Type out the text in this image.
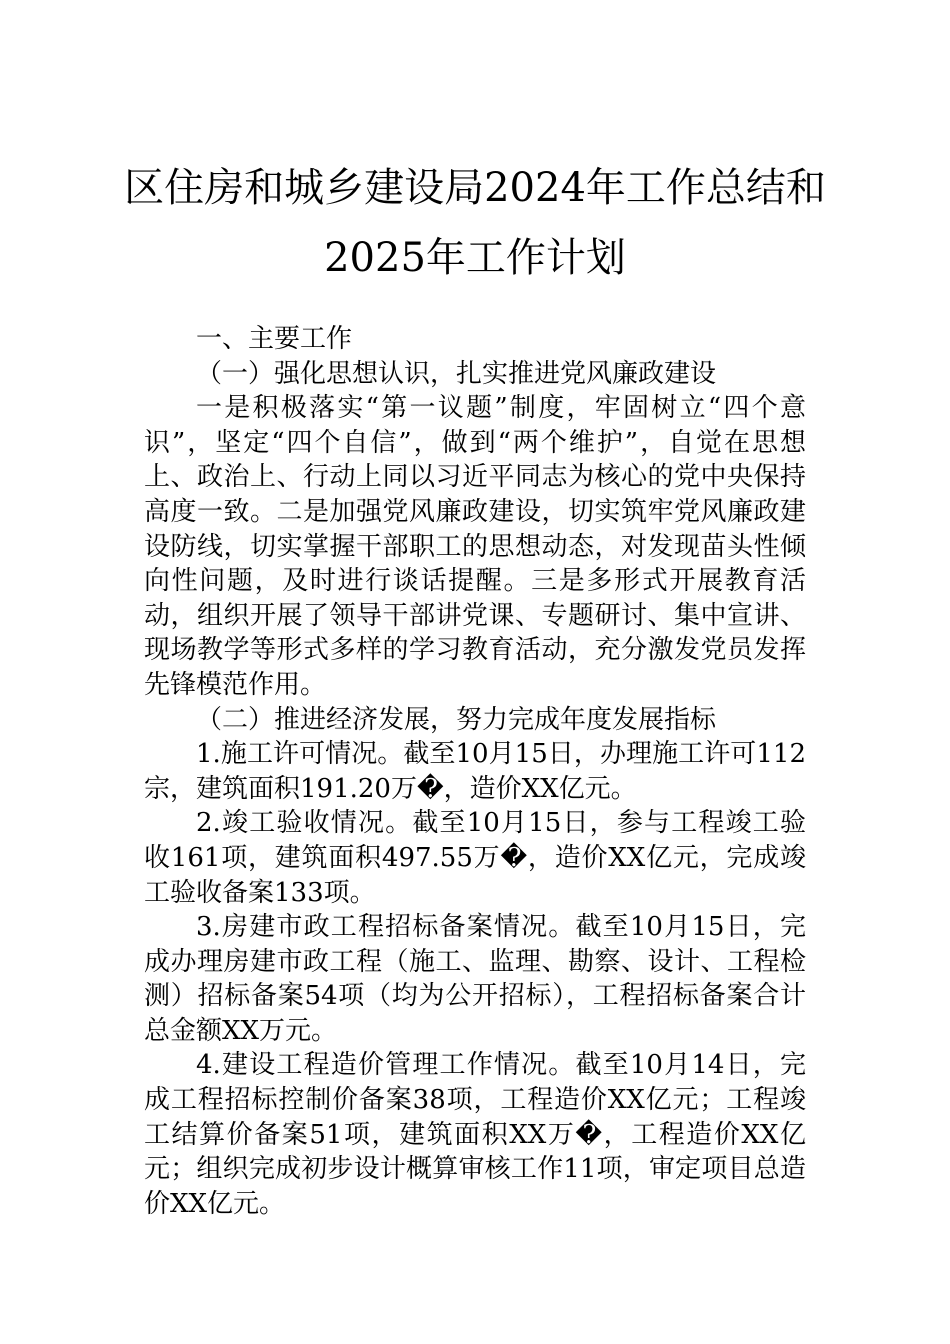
区住房和城乡建设局2024年工作总结和
2025年工作计划

一、主要工作

（一）强化思想认识，扎实推进党风廉政建设

一是积极落实“第一议题”制度，牢固树立“四个意识”，坚定“四个自信”，做到“两个维护”，自觉在思想上、政治上、行动上同以习近平同志为核心的党中央保持高度一致。二是加强党风廉政建设，切实筑牢党风廉政建设防线，切实掌握干部职工的思想动态，对发现苗头性倾向性问题，及时进行谈话提醒。三是多形式开展教育活动，组织开展了领导干部讲党课、专题研讨、集中宣讲、现场教学等形式多样的学习教育活动，充分激发党员发挥先锋模范作用。

（二）推进经济发展，努力完成年度发展指标

1.施工许可情况。截至10月15日，办理施工许可112宗，建筑面积191.20万�，造价XX亿元。

2.竣工验收情况。截至10月15日，参与工程竣工验收161项，建筑面积497.55万�，造价XX亿元，完成竣工验收备案133项。

3.房建市政工程招标备案情况。截至10月15日，完成办理房建市政工程（施工、监理、勘察、设计、工程检测）招标备案54项（均为公开招标），工程招标备案合计总金额XX万元。

4.建设工程造价管理工作情况。截至10月14日，完成工程招标控制价备案38项，工程造价XX亿元；工程竣工结算价备案51项，建筑面积XX万�，工程造价XX亿元；组织完成初步设计概算审核工作11项，审定项目总造价XX亿元。
